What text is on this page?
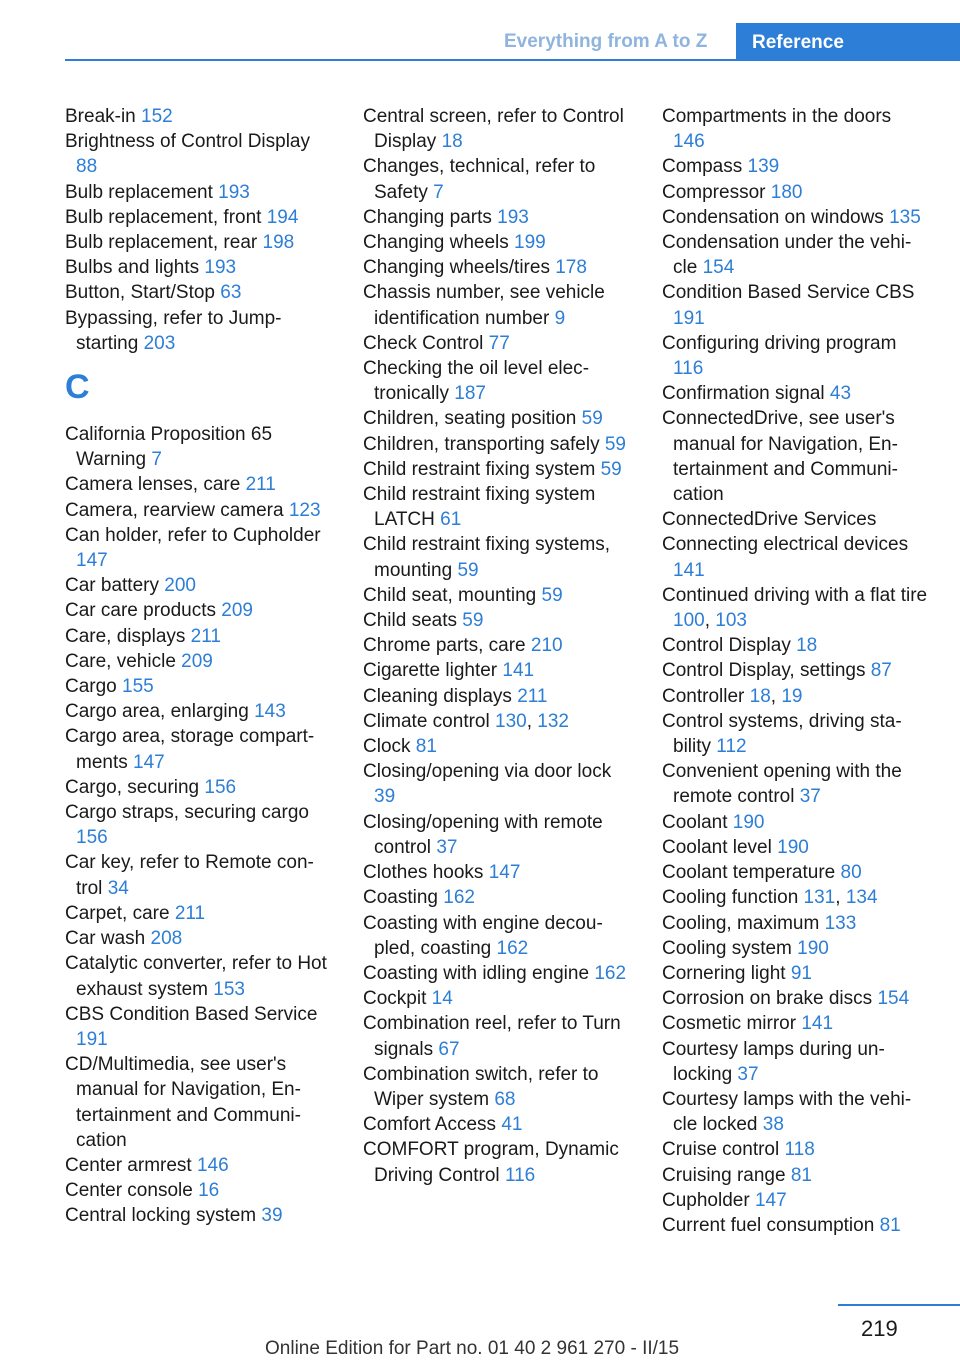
Everything from A to Z	Reference
Break-in 152
Brightness of Control Display 88
Bulb replacement 193
Bulb replacement, front 194
Bulb replacement, rear 198
Bulbs and lights 193
Button, Start/Stop 63
Bypassing, refer to Jumpstarting 203
C
California Proposition 65 Warning 7
Camera lenses, care 211
Camera, rearview camera 123
Can holder, refer to Cupholder 147
Car battery 200
Car care products 209
Care, displays 211
Care, vehicle 209
Cargo 155
Cargo area, enlarging 143
Cargo area, storage compartments 147
Cargo, securing 156
Cargo straps, securing cargo 156
Car key, refer to Remote control 34
Carpet, care 211
Car wash 208
Catalytic converter, refer to Hot exhaust system 153
CBS Condition Based Service 191
CD/Multimedia, see user's manual for Navigation, Entertainment and Communication
Center armrest 146
Center console 16
Central locking system 39
Central screen, refer to Control Display 18
Changes, technical, refer to Safety 7
Changing parts 193
Changing wheels 199
Changing wheels/tires 178
Chassis number, see vehicle identification number 9
Check Control 77
Checking the oil level electronically 187
Children, seating position 59
Children, transporting safely 59
Child restraint fixing system 59
Child restraint fixing system LATCH 61
Child restraint fixing systems, mounting 59
Child seat, mounting 59
Child seats 59
Chrome parts, care 210
Cigarette lighter 141
Cleaning displays 211
Climate control 130, 132
Clock 81
Closing/opening via door lock 39
Closing/opening with remote control 37
Clothes hooks 147
Coasting 162
Coasting with engine decoupled, coasting 162
Coasting with idling engine 162
Cockpit 14
Combination reel, refer to Turn signals 67
Combination switch, refer to Wiper system 68
Comfort Access 41
COMFORT program, Dynamic Driving Control 116
Compartments in the doors 146
Compass 139
Compressor 180
Condensation on windows 135
Condensation under the vehicle 154
Condition Based Service CBS 191
Configuring driving program 116
Confirmation signal 43
ConnectedDrive, see user's manual for Navigation, Entertainment and Communication
ConnectedDrive Services
Connecting electrical devices 141
Continued driving with a flat tire 100, 103
Control Display 18
Control Display, settings 87
Controller 18, 19
Control systems, driving stability 112
Convenient opening with the remote control 37
Coolant 190
Coolant level 190
Coolant temperature 80
Cooling function 131, 134
Cooling, maximum 133
Cooling system 190
Cornering light 91
Corrosion on brake discs 154
Cosmetic mirror 141
Courtesy lamps during unlocking 37
Courtesy lamps with the vehicle locked 38
Cruise control 118
Cruising range 81
Cupholder 147
Current fuel consumption 81
219
Online Edition for Part no. 01 40 2 961 270 - II/15
